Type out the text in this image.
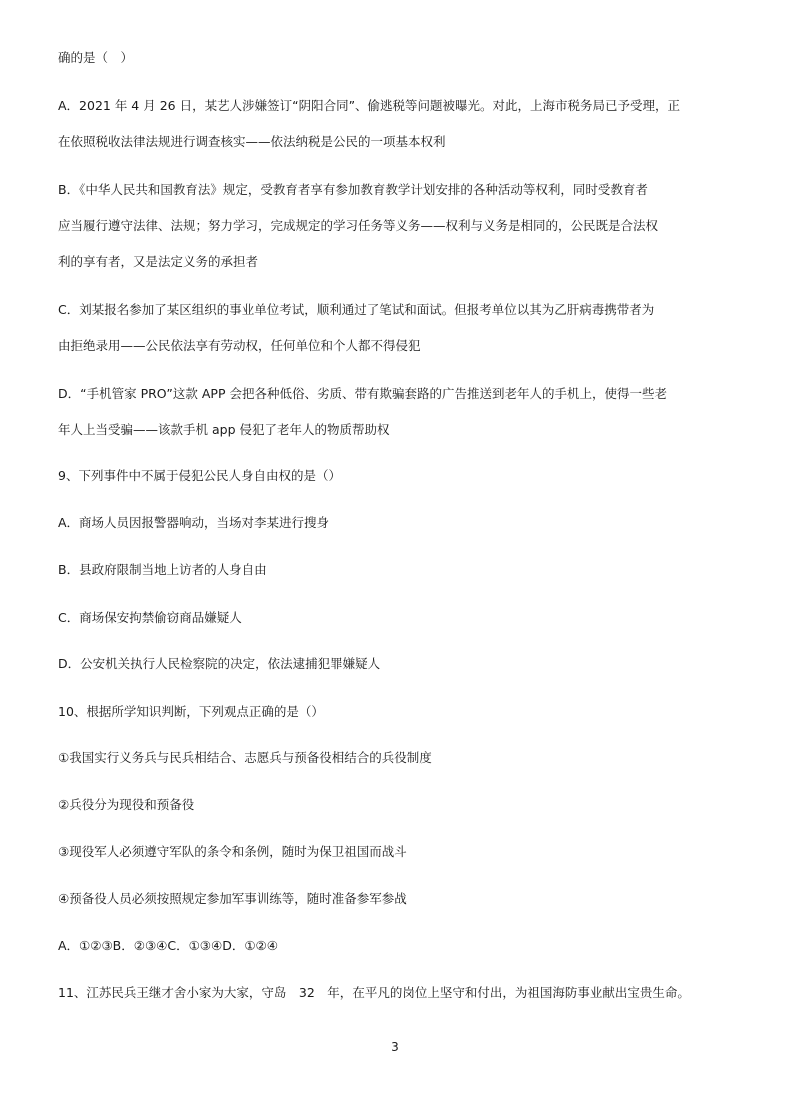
确的是（　）
A．2021 年 4 月 26 日，某艺人涉嫌签订“阴阳合同”、偷逃税等问题被曝光。对此，上海市税务局已予受理，正
在依照税收法律法规进行调查核实——依法纳税是公民的一项基本权利
B．《中华人民共和国教育法》规定，受教育者享有参加教育教学计划安排的各种活动等权利，同时受教育者
应当履行遵守法律、法规；努力学习，完成规定的学习任务等义务——权利与义务是相同的，公民既是合法权
利的享有者，又是法定义务的承担者
C．刘某报名参加了某区组织的事业单位考试，顺利通过了笔试和面试。但报考单位以其为乙肝病毒携带者为
由拒绝录用——公民依法享有劳动权，任何单位和个人都不得侵犯
D．“手机管家 PRO”这款 APP 会把各种低俗、劣质、带有欺骗套路的广告推送到老年人的手机上，使得一些老
年人上当受骗——该款手机 app 侵犯了老年人的物质帮助权
9、下列事件中不属于侵犯公民人身自由权的是（）
A．商场人员因报警器响动，当场对李某进行搜身
B．县政府限制当地上访者的人身自由
C．商场保安拘禁偷窃商品嫌疑人
D．公安机关执行人民检察院的决定，依法逮捕犯罪嫌疑人
10、根据所学知识判断，下列观点正确的是（）
①我国实行义务兵与民兵相结合、志愿兵与预备役相结合的兵役制度
②兵役分为现役和预备役
③现役军人必须遵守军队的条令和条例，随时为保卫祖国而战斗
④预备役人员必须按照规定参加军事训练等，随时准备参军参战
A．①②③B．②③④C．①③④D．①②④
11、江苏民兵王继才舍小家为大家，守岛　32　年，在平凡的岗位上坚守和付出，为祖国海防事业献出宝贵生命。
3
